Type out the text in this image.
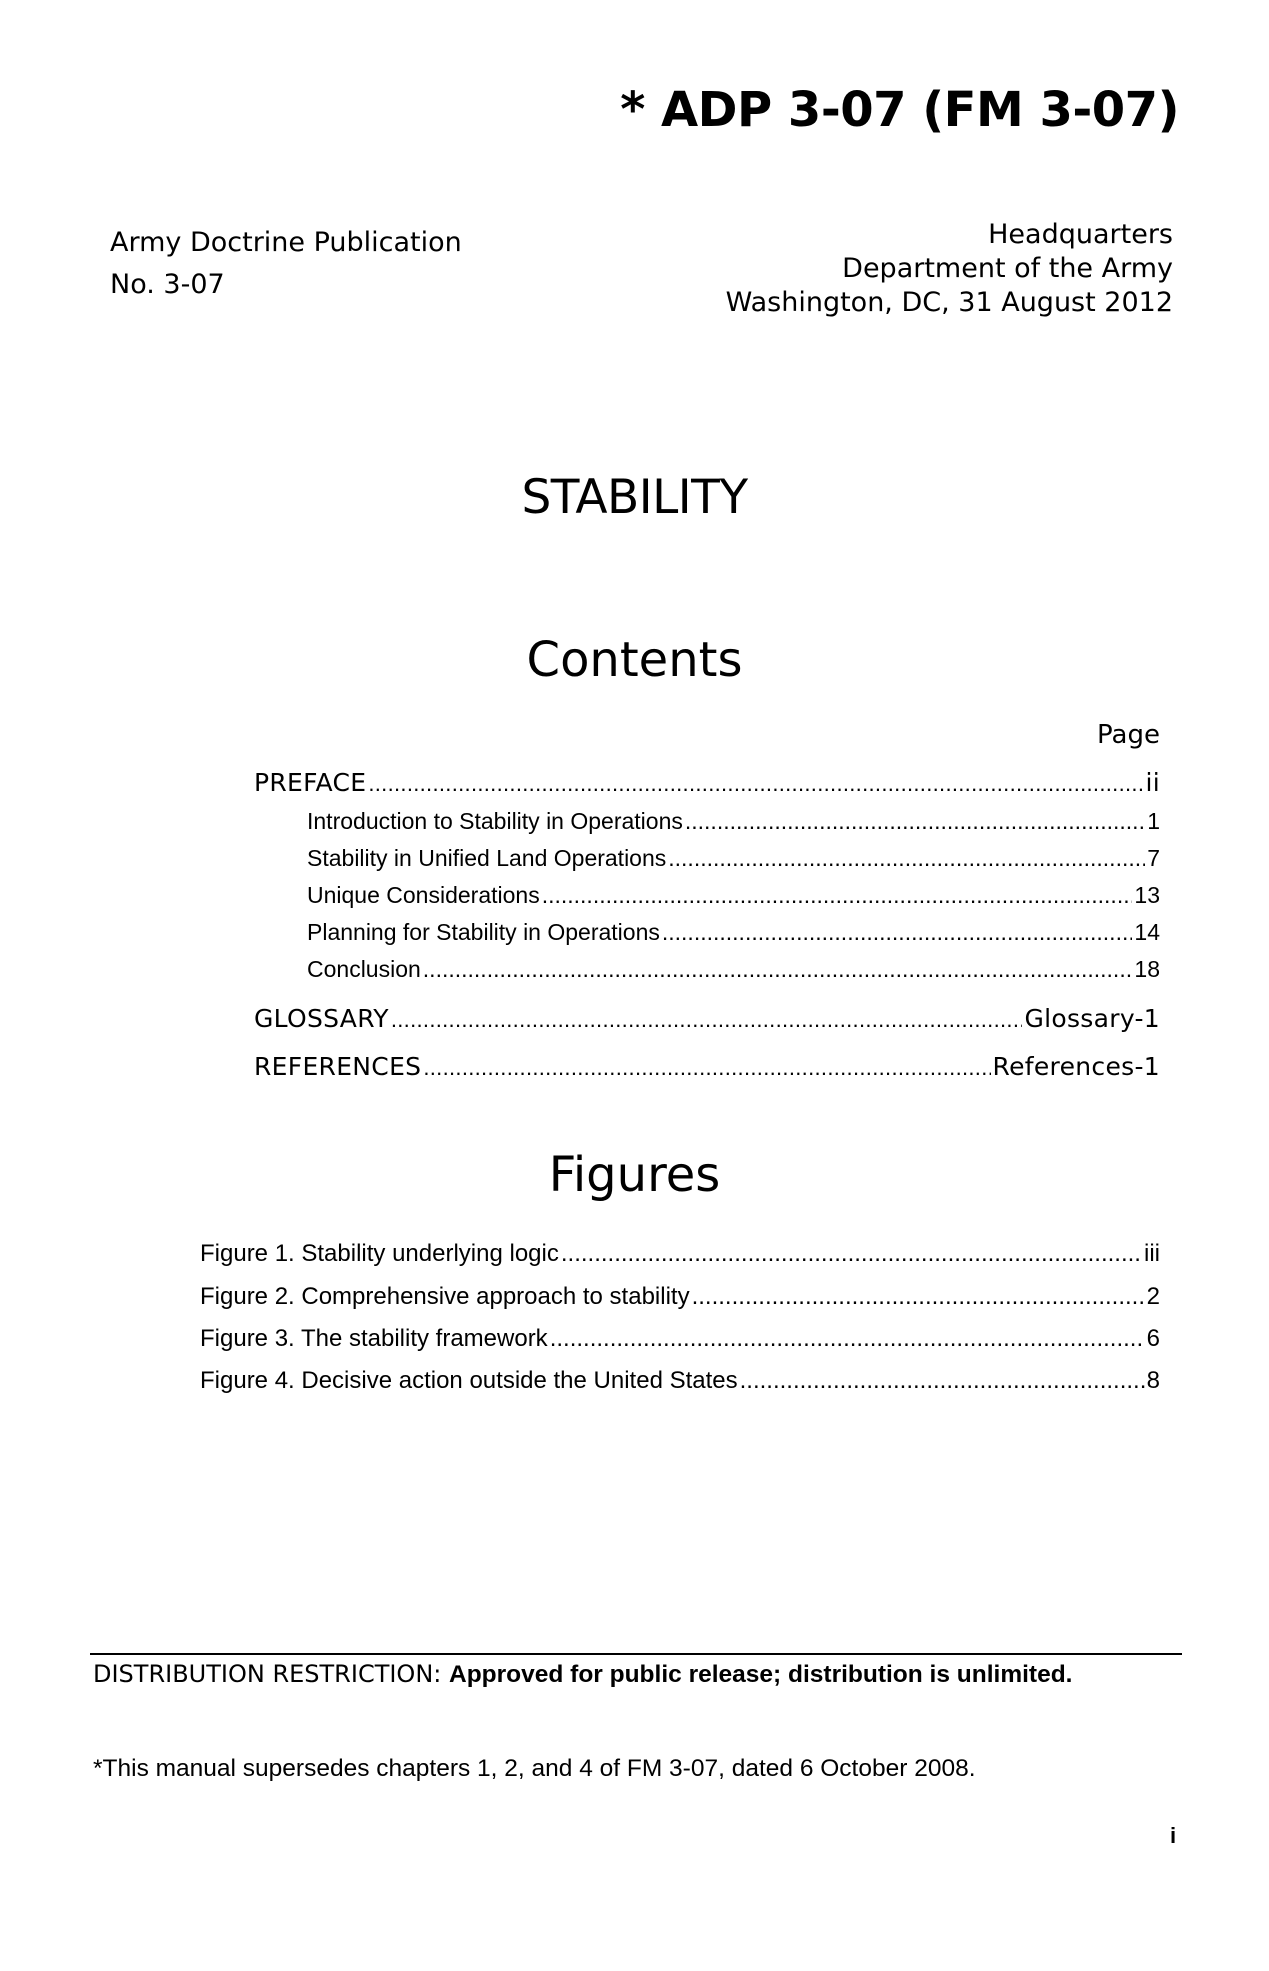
* ADP 3-07 (FM 3-07)
Army Doctrine Publication
No. 3-07
Headquarters
Department of the Army
Washington, DC, 31 August 2012
STABILITY
Contents
Page
PREFACE .....	ii
Introduction to Stability in Operations .....	1
Stability in Unified Land Operations .....	7
Unique Considerations .....	13
Planning for Stability in Operations .....	14
Conclusion .....	18
GLOSSARY .....	Glossary-1
REFERENCES .....	References-1
Figures
Figure 1. Stability underlying logic .....	iii
Figure 2. Comprehensive approach to stability .....	2
Figure 3. The stability framework .....	6
Figure 4. Decisive action outside the United States .....	8
DISTRIBUTION RESTRICTION: Approved for public release; distribution is unlimited.
*This manual supersedes chapters 1, 2, and 4 of FM 3-07, dated 6 October 2008.
i
